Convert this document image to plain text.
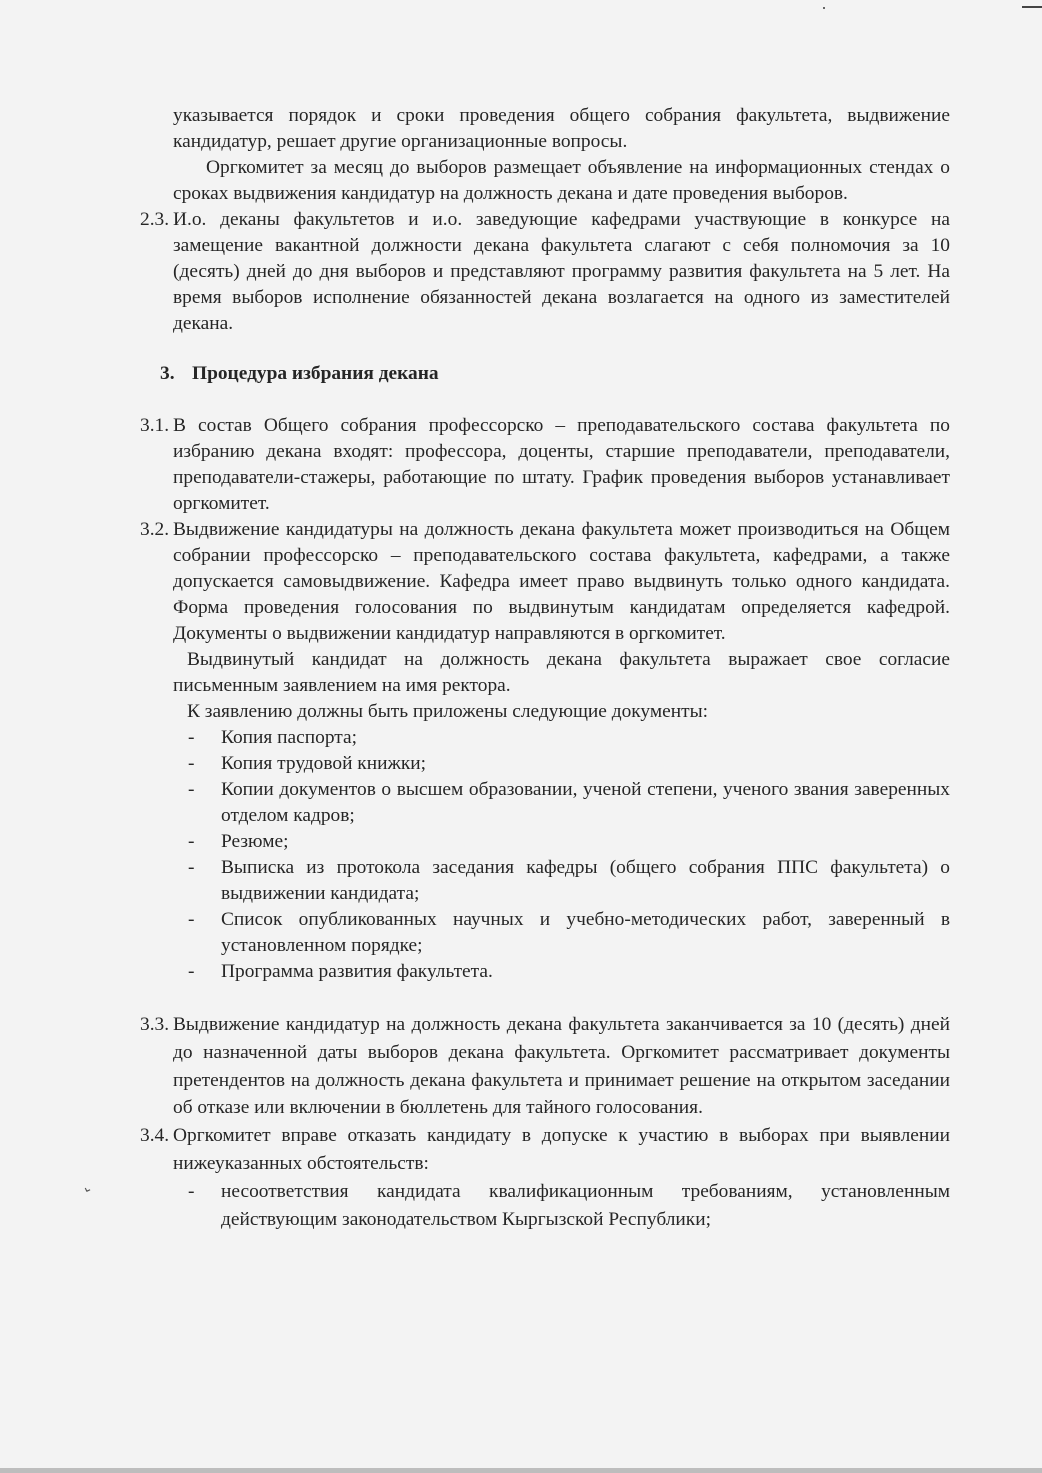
⌄

указывается порядок и сроки проведения общего собрания факультета, выдвижение кандидатур, решает другие организационные вопросы.

Оргкомитет за месяц до выборов размещает объявление на информационных стендах о сроках выдвижения кандидатур на должность декана и дате проведения выборов.

2.3. И.о. деканы факультетов и и.о. заведующие кафедрами участвующие в конкурсе на замещение вакантной должности декана факультета слагают с себя полномочия за 10 (десять) дней до дня выборов и представляют программу развития факультета на 5 лет. На время выборов исполнение обязанностей декана возлагается на одного из заместителей декана.
3. Процедура избрания декана
3.1. В состав Общего собрания профессорско – преподавательского состава факультета по избранию декана входят: профессора, доценты, старшие преподаватели, преподаватели, преподаватели-стажеры, работающие по штату. График проведения выборов устанавливает оргкомитет.
3.2. Выдвижение кандидатуры на должность декана факультета может производиться на Общем собрании профессорско – преподавательского состава факультета, кафедрами, а также допускается самовыдвижение. Кафедра имеет право выдвинуть только одного кандидата. Форма проведения голосования по выдвинутым кандидатам определяется кафедрой. Документы о выдвижении кандидатур направляются в оргкомитет.

Выдвинутый кандидат на должность декана факультета выражает свое согласие письменным заявлением на имя ректора.

К заявлению должны быть приложены следующие документы:

- Копия паспорта;
- Копия трудовой книжки;
- Копии документов о высшем образовании, ученой степени, ученого звания заверенных отделом кадров;
- Резюме;
- Выписка из протокола заседания кафедры (общего собрания ППС факультета) о выдвижении кандидата;
- Список опубликованных научных и учебно-методических работ, заверенный в установленном порядке;
- Программа развития факультета.
3.3. Выдвижение кандидатур на должность декана факультета заканчивается за 10 (десять) дней до назначенной даты выборов декана факультета. Оргкомитет рассматривает документы претендентов на должность декана факультета и принимает решение на открытом заседании об отказе или включении в бюллетень для тайного голосования.
3.4. Оргкомитет вправе отказать кандидату в допуске к участию в выборах при выявлении нижеуказанных обстоятельств:
- несоответствия кандидата квалификационным требованиям, установленным действующим законодательством Кыргызской Республики;
